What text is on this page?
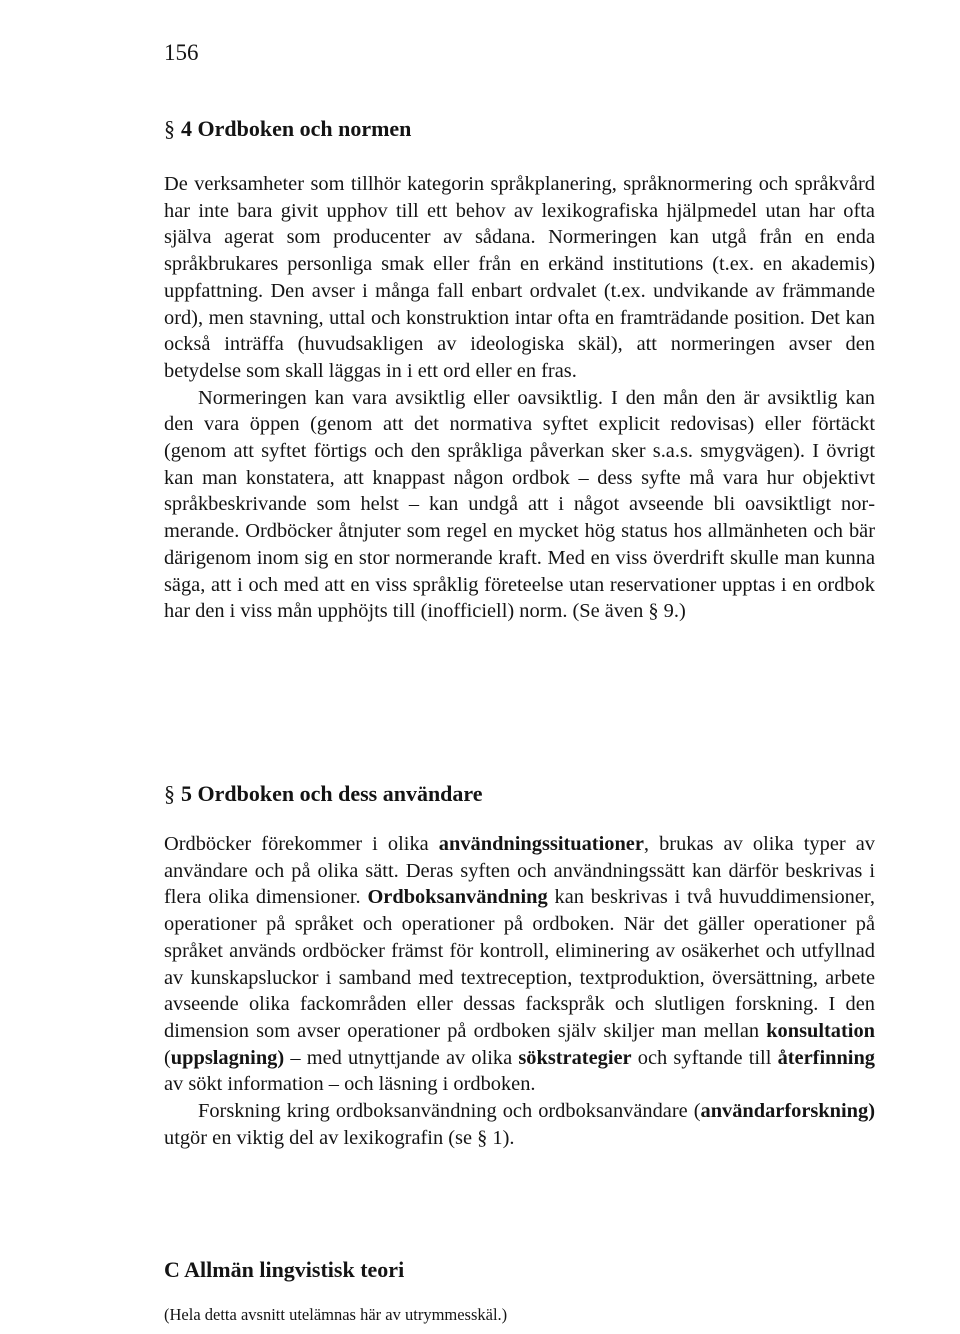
156

§ 4 Ordboken och normen

De verksamheter som tillhör kategorin språkplanering, språknormering och språkvård har inte bara givit upphov till ett behov av lexikografiska hjälpmedel utan har ofta själva agerat som producenter av sådana. Normeringen kan utgå från en enda språkbrukares personliga smak eller från en erkänd institutions (t.ex. en akademis) uppfattning. Den avser i många fall enbart ordvalet (t.ex. undvikande av främmande ord), men stavning, uttal och konstruktion intar ofta en framträdande position. Det kan också inträffa (huvudsakligen av ideologiska skäl), att normeringen avser den betydelse som skall läggas in i ett ord eller en fras.

Normeringen kan vara avsiktlig eller oavsiktlig. I den mån den är avsiktlig kan den vara öppen (genom att det normativa syftet explicit redovisas) eller förtäckt (genom att syftet förtigs och den språkliga påverkan sker s.a.s. smygvägen). I övrigt kan man konstatera, att knappast någon ordbok – dess syfte må vara hur objektivt språkbeskrivande som helst – kan undgå att i något avseende bli oavsiktligt normerande. Ordböcker åtnjuter som regel en mycket hög status hos allmänheten och bär därigenom inom sig en stor normerande kraft. Med en viss överdrift skulle man kunna säga, att i och med att en viss språklig företeelse utan reservationer upptas i en ordbok har den i viss mån upphöjts till (inofficiell) norm. (Se även § 9.)

§ 5 Ordboken och dess användare

Ordböcker förekommer i olika användningssituationer, brukas av olika typer av användare och på olika sätt. Deras syften och användningssätt kan därför beskrivas i flera olika dimensioner. Ordboksanvändning kan beskrivas i två huvuddimensioner, operationer på språket och operationer på ordboken. När det gäller operationer på språket används ordböcker främst för kontroll, eliminering av osäkerhet och utfyllnad av kunskapsluckor i samband med textreception, textproduktion, översättning, arbete avseende olika fackområden eller dessas fackspråk och slutligen forskning. I den dimension som avser operationer på ordboken själv skiljer man mellan konsultation (uppslagning) – med utnyttjande av olika sökstrategier och syftande till återfinning av sökt information – och läsning i ordboken.

Forskning kring ordboksanvändning och ordboksanvändare (användarforskning) utgör en viktig del av lexikografin (se § 1).

C Allmän lingvistisk teori

(Hela detta avsnitt utelämnas här av utrymmesskäl.)
